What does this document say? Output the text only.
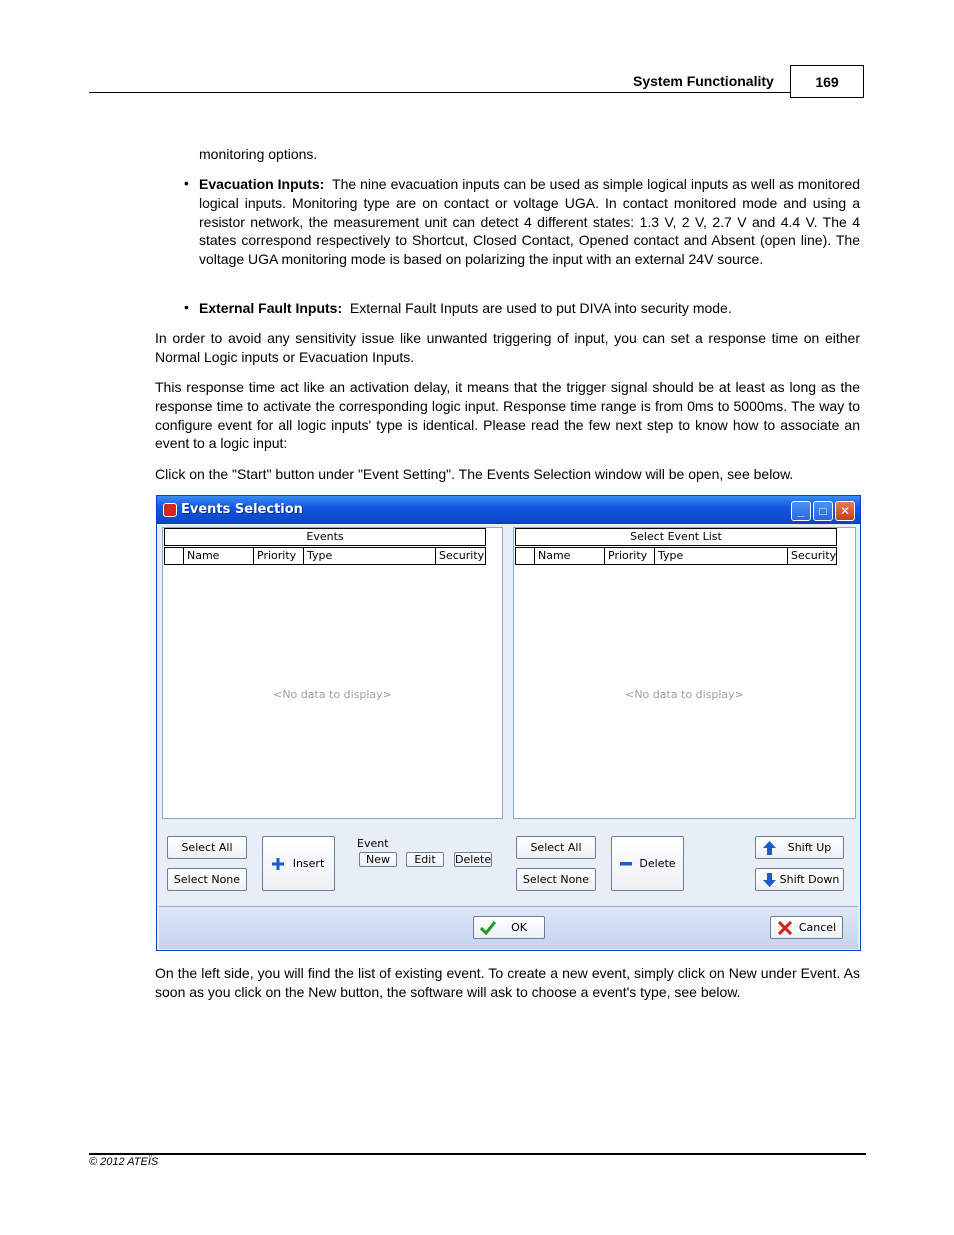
System Functionality	169
monitoring options.
• Evacuation Inputs: The nine evacuation inputs can be used as simple logical inputs as well as monitored logical inputs. Monitoring type are on contact or voltage UGA. In contact monitored mode and using a resistor network, the measurement unit can detect 4 different states: 1.3 V, 2 V, 2.7 V and 4.4 V. The 4 states correspond respectively to Shortcut, Closed Contact, Opened contact and Absent (open line). The voltage UGA monitoring mode is based on polarizing the input with an external 24V source.
• External Fault Inputs: External Fault Inputs are used to put DIVA into security mode.
In order to avoid any sensitivity issue like unwanted triggering of input, you can set a response time on either Normal Logic inputs or Evacuation Inputs.
This response time act like an activation delay, it means that the trigger signal should be at least as long as the response time to activate the corresponding logic input. Response time range is from 0ms to 5000ms. The way to configure event for all logic inputs' type is identical. Please read the few next step to know how to associate an event to a logic input:
Click on the "Start" button under "Event Setting". The Events Selection window will be open, see below.
Events Selection	_	□	✕
Events
Name	Priority Type	Security
<No data to display>
Select Event List
Name	Priority Type	Security
<No data to display>
Select All
Select None
Insert
Event
New	Edit	Delete
Select All
Select None
Delete
Shift Up
Shift Down
OK	Cancel
On the left side, you will find the list of existing event. To create a new event, simply click on New under Event. As soon as you click on the New button, the software will ask to choose a event's type, see below.
© 2012 ATEÏS
